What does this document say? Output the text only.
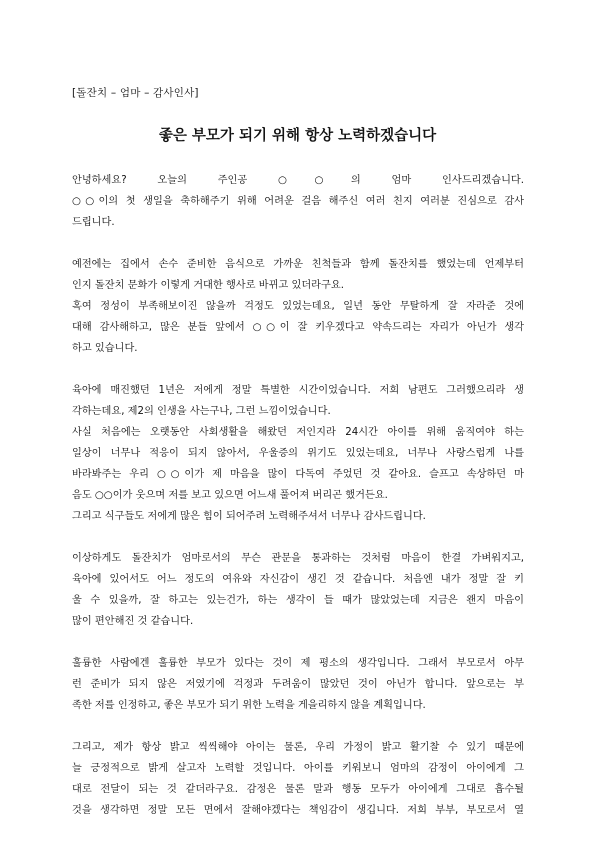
[돌잔치 – 엄마 – 감사인사]
좋은 부모가 되기 위해 항상 노력하겠습니다
안녕하세요? 오늘의 주인공 ○○의 엄마 인사드리겠습니다.
○○이의 첫 생일을 축하해주기 위해 어려운 걸음 해주신 여러 친지 여러분 진심으로 감사
드립니다.
예전에는 집에서 손수 준비한 음식으로 가까운 친척들과 함께 돌잔치를 했었는데 언제부터
인지 돌잔치 문화가 이렇게 거대한 행사로 바뀌고 있더라구요.
혹여 정성이 부족해보이진 않을까 걱정도 있었는데요, 일년 동안 무탈하게 잘 자라준 것에
대해 감사해하고, 많은 분들 앞에서 ○○이 잘 키우겠다고 약속드리는 자리가 아닌가 생각
하고 있습니다.
육아에 매진했던 1년은 저에게 정말 특별한 시간이었습니다. 저희 남편도 그러했으리라 생
각하는데요, 제2의 인생을 사는구나, 그런 느낌이었습니다.
사실 처음에는 오랫동안 사회생활을 해왔던 저인지라 24시간 아이를 위해 움직여야 하는
일상이 너무나 적응이 되지 않아서, 우울증의 위기도 있었는데요, 너무나 사랑스럽게 나를
바라봐주는 우리 ○○이가 제 마음을 많이 다독여 주었던 것 같아요. 슬프고 속상하던 마
음도 ○○이가 웃으며 저를 보고 있으면 어느새 풀어져 버리곤 했거든요.
그리고 식구들도 저에게 많은 힘이 되어주려 노력해주셔서 너무나 감사드립니다.
이상하게도 돌잔치가 엄마로서의 무슨 관문을 통과하는 것처럼 마음이 한결 가벼워지고,
육아에 있어서도 어느 정도의 여유와 자신감이 생긴 것 같습니다. 처음엔 내가 정말 잘 키
울 수 있을까, 잘 하고는 있는건가, 하는 생각이 들 때가 많았었는데 지금은 왠지 마음이
많이 편안해진 것 같습니다.
훌륭한 사람에겐 훌륭한 부모가 있다는 것이 제 평소의 생각입니다. 그래서 부모로서 아무
런 준비가 되지 않은 저였기에 걱정과 두려움이 많았던 것이 아닌가 합니다. 앞으로는 부
족한 저를 인정하고, 좋은 부모가 되기 위한 노력을 게을리하지 않을 계획입니다.
그리고, 제가 항상 밝고 씩씩해야 아이는 물론, 우리 가정이 밝고 활기찰 수 있기 때문에
늘 긍정적으로 밝게 살고자 노력할 것입니다. 아이를 키워보니 엄마의 감정이 아이에게 그
대로 전달이 되는 것 같더라구요. 감정은 물론 말과 행동 모두가 아이에게 그대로 흡수될
것을 생각하면 정말 모든 면에서 잘해야겠다는 책임감이 생깁니다. 저희 부부, 부모로서 열
